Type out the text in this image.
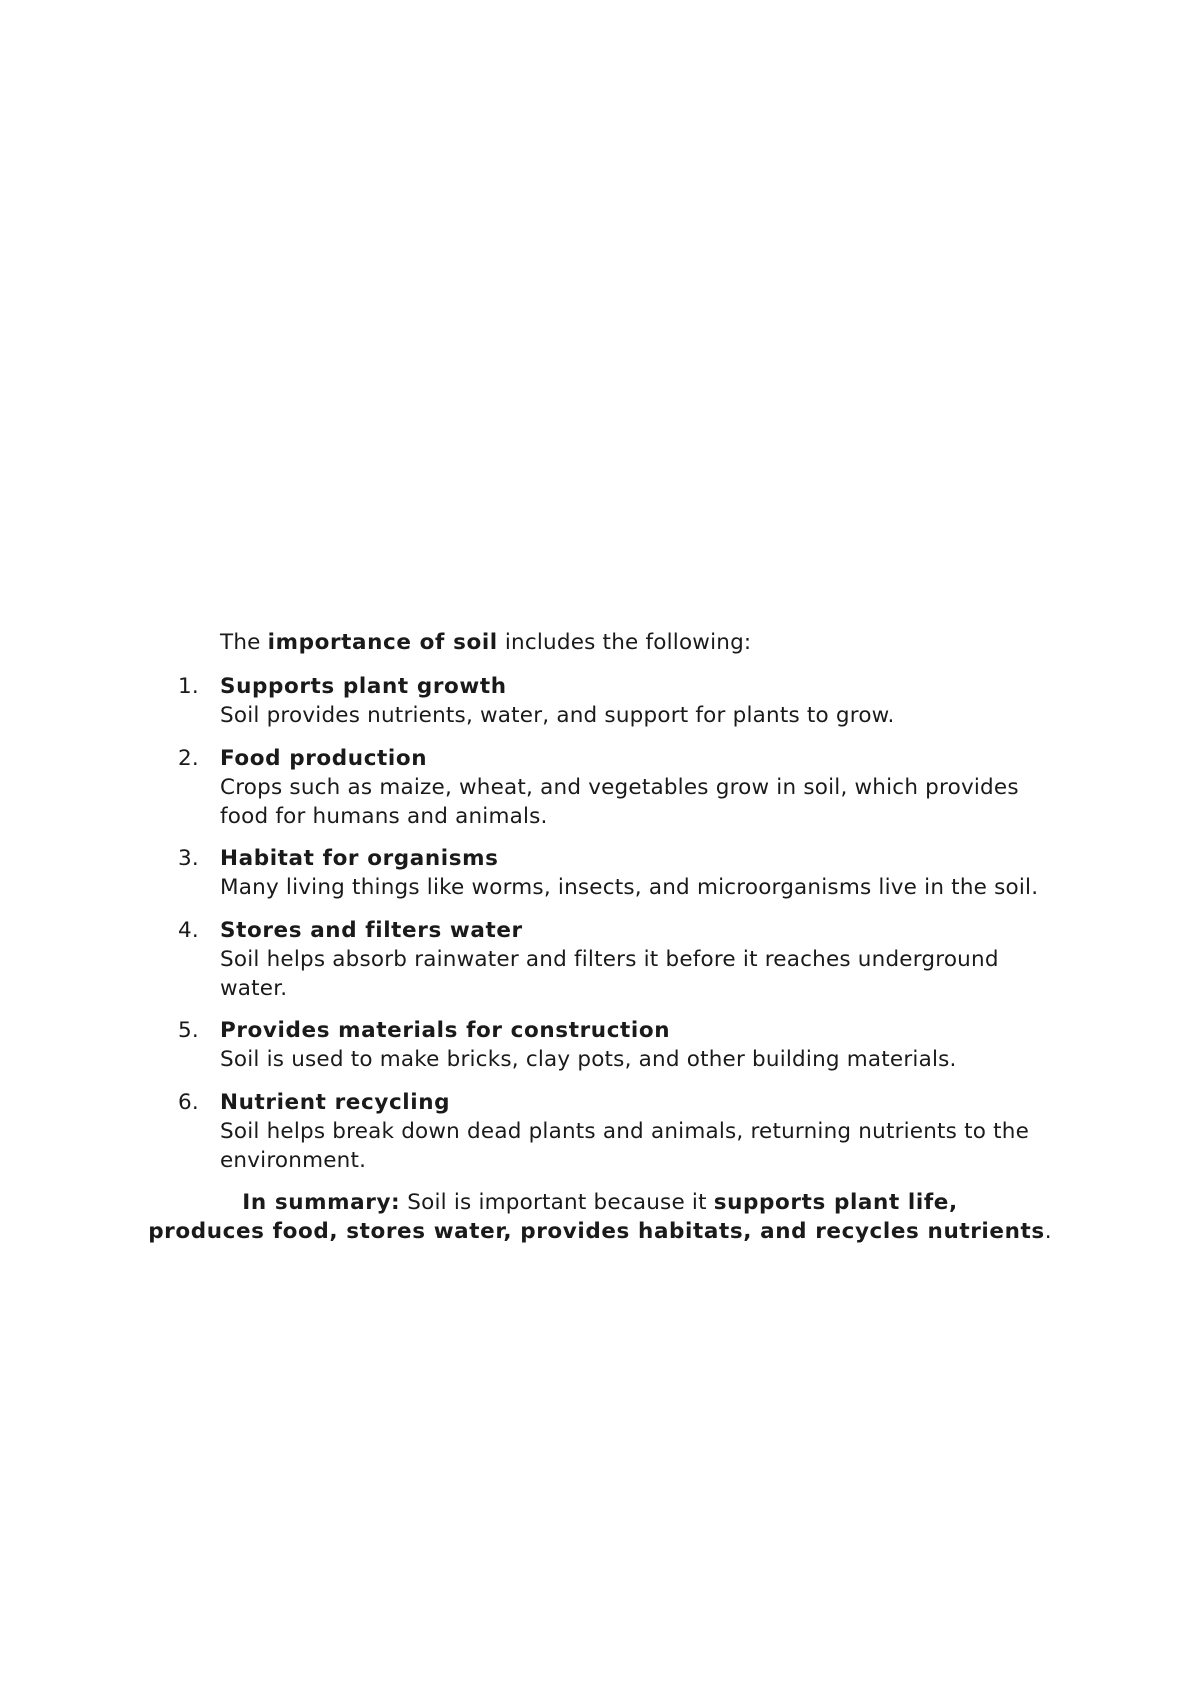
The importance of soil includes the following:
1. Supports plant growth
Soil provides nutrients, water, and support for plants to grow.
2. Food production
Crops such as maize, wheat, and vegetables grow in soil, which provides
food for humans and animals.
3. Habitat for organisms
Many living things like worms, insects, and microorganisms live in the soil.
4. Stores and filters water
Soil helps absorb rainwater and filters it before it reaches underground
water.
5. Provides materials for construction
Soil is used to make bricks, clay pots, and other building materials.
6. Nutrient recycling
Soil helps break down dead plants and animals, returning nutrients to the
environment.
In summary: Soil is important because it supports plant life,
produces food, stores water, provides habitats, and recycles nutrients.
